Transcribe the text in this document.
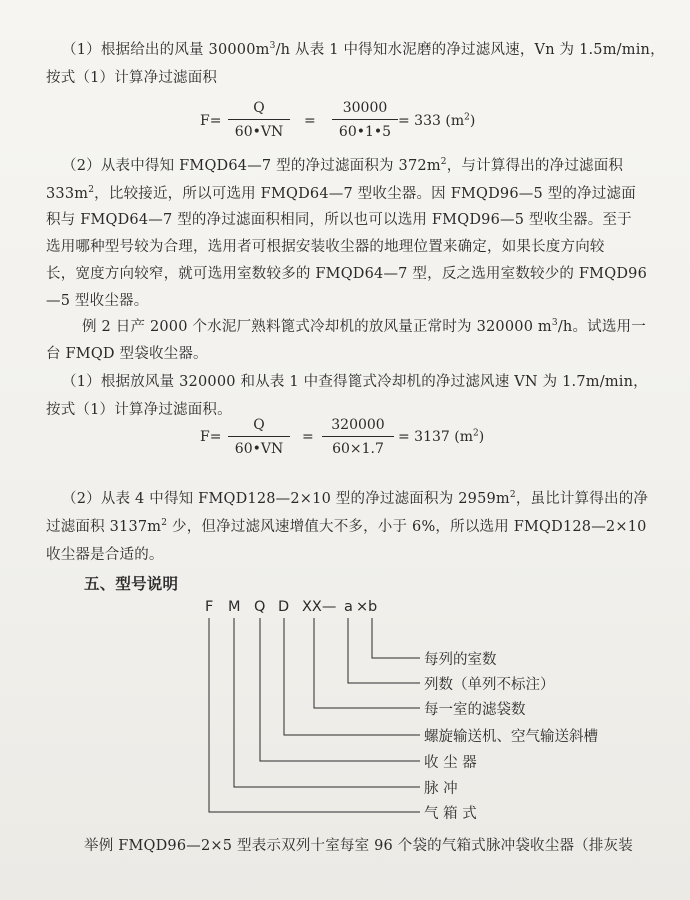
（1）根据给出的风量 $30000m^3/h$ 从表 1 中得知水泥磨的净过滤风速，Vn 为 1.5m/min，
按式（1）计算净过滤面积
F=
Q
60•VN
=
30000
60•1•5
= 333 $(m^2)$
（2）从表中得知 FMQD64—7 型的净过滤面积为 $372m^2$，与计算得出的净过滤面积
$333m^2$，比较接近，所以可选用 FMQD64—7 型收尘器。因 FMQD96—5 型的净过滤面
积与 FMQD64—7 型的净过滤面积相同，所以也可以选用 FMQD96—5 型收尘器。至于
选用哪种型号较为合理，选用者可根据安装收尘器的地理位置来确定，如果长度方向较
长，宽度方向较窄，就可选用室数较多的 FMQD64—7 型，反之选用室数较少的 FMQD96
—5 型收尘器。
例 2 日产 2000 个水泥厂熟料篦式冷却机的放风量正常时为 320000 $m^3/h$。试选用一
台 FMQD 型袋收尘器。
（1）根据放风量 320000 和从表 1 中查得篦式冷却机的净过滤风速 VN 为 1.7m/min，
按式（1）计算净过滤面积。
F=
Q
60•VN
=
320000
60×1.7
= 3137 $(m^2)$
（2）从表 4 中得知 FMQD128—2×10 型的净过滤面积为 $2959m^2$，虽比计算得出的净
过滤面积 $3137m^2$ 少，但净过滤风速增值大不多，小于 6%，所以选用 FMQD128—2×10
收尘器是合适的。
五、型号说明
F M Q D XX— a × b
每列的室数
列数（单列不标注）
每一室的滤袋数
螺旋输送机、空气输送斜槽
收 尘 器
脉 冲
气 箱 式
举例 FMQD96—2×5 型表示双列十室每室 96 个袋的气箱式脉冲袋收尘器（排灰装
